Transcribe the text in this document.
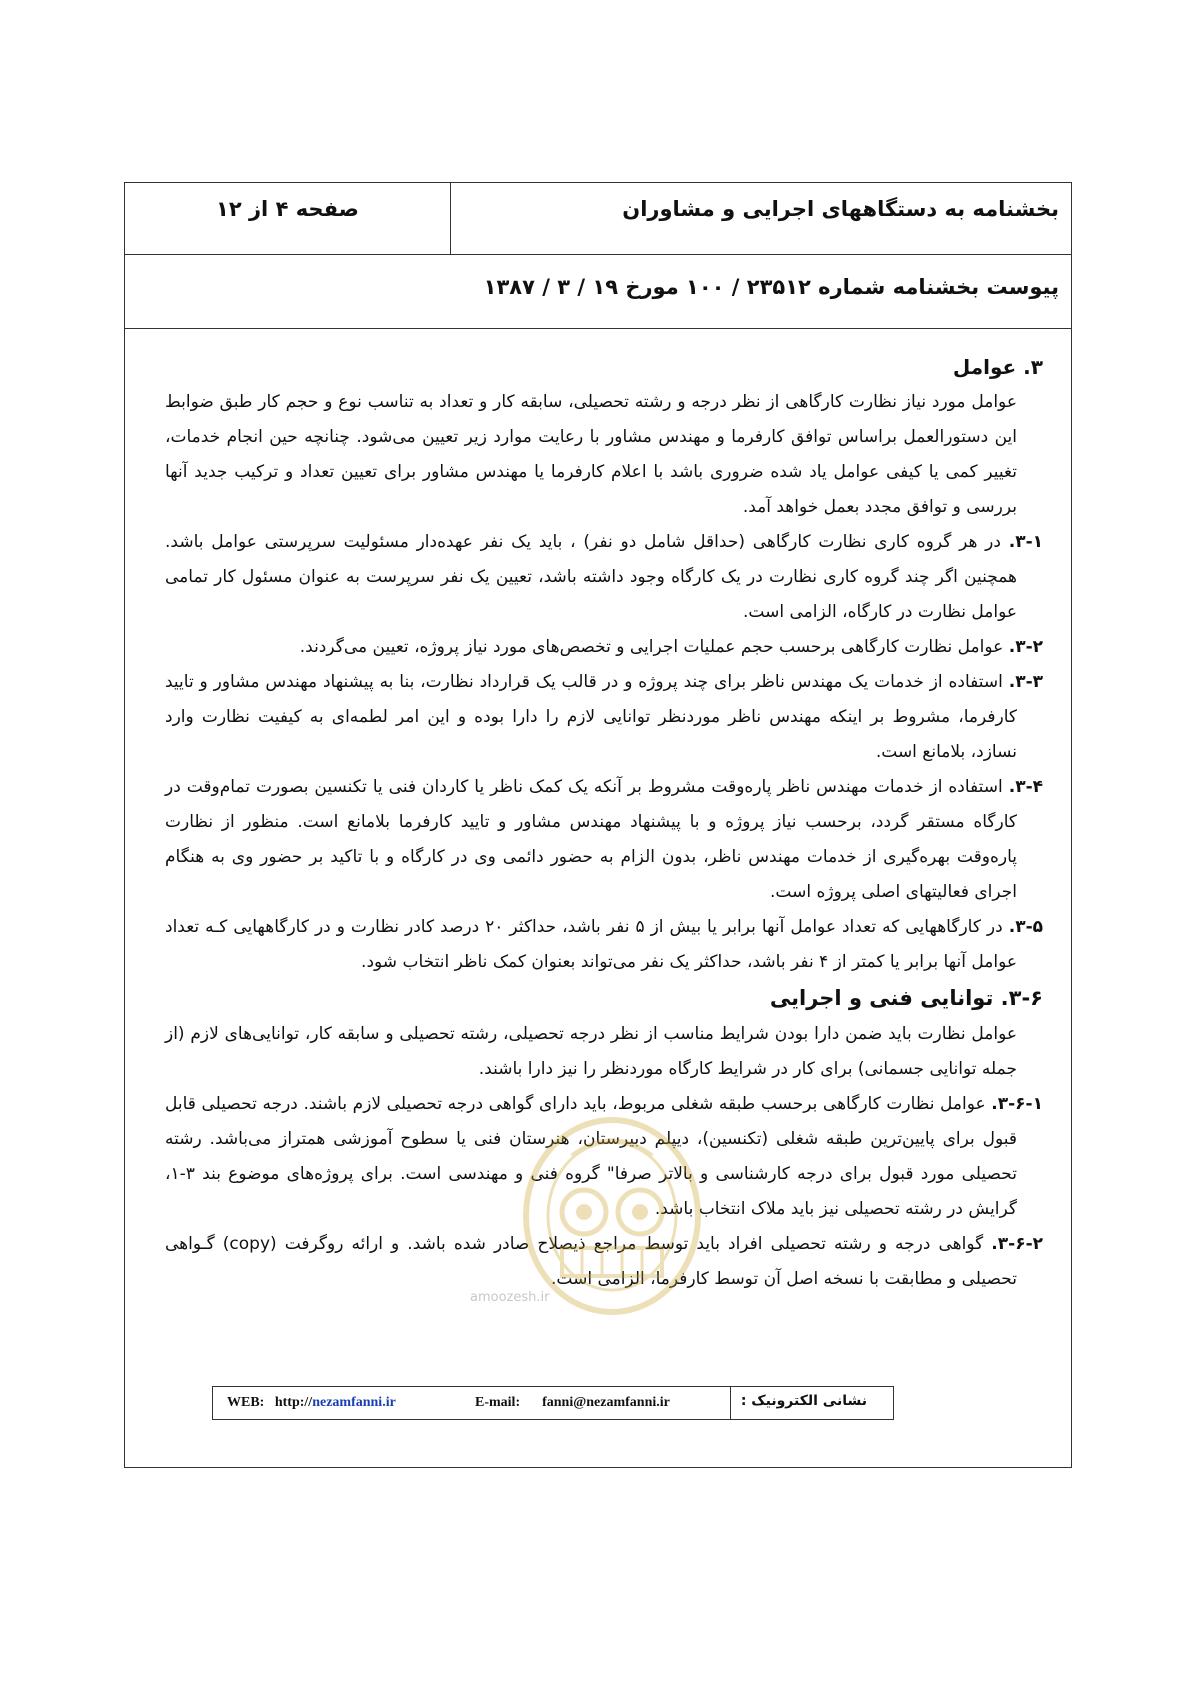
صفحه ۴ از ۱۲	بخشنامه به دستگاههای اجرایی و مشاوران
پیوست بخشنامه شماره ۲۳۵۱۲ / ۱۰۰ مورخ ۱۹ / ۳ / ۱۳۸۷

۳. عوامل

عوامل مورد نیاز نظارت کارگاهی از نظر درجه و رشته تحصیلی، سابقه کار و تعداد به تناسب نوع و حجم کار طبق ضوابط این دستورالعمل براساس توافق کارفرما و مهندس مشاور با رعایت موارد زیر تعیین می‌شود. چنانچه حین انجام خدمات، تغییر کمی یا کیفی عوامل یاد شده ضروری باشد با اعلام کارفرما یا مهندس مشاور برای تعیین تعداد و ترکیب جدید آنها بررسی و توافق مجدد بعمل خواهد آمد.

۳-۱. در هر گروه کاری نظارت کارگاهی (حداقل شامل دو نفر) ، باید یک نفر عهده‌دار مسئولیت سرپرستی عوامل باشد. همچنین اگر چند گروه کاری نظارت در یک کارگاه وجود داشته باشد، تعیین یک نفر سرپرست به عنوان مسئول کار تمامی عوامل نظارت در کارگاه، الزامی است.

۳-۲. عوامل نظارت کارگاهی برحسب حجم عملیات اجرایی و تخصص‌های مورد نیاز پروژه، تعیین می‌گردند.

۳-۳. استفاده از خدمات یک مهندس ناظر برای چند پروژه و در قالب یک قرارداد نظارت، بنا به پیشنهاد مهندس مشاور و تایید کارفرما، مشروط بر اینکه مهندس ناظر موردنظر توانایی لازم را دارا بوده و این امر لطمه‌ای به کیفیت نظارت وارد نسازد، بلامانع است.

۳-۴. استفاده از خدمات مهندس ناظر پاره‌وقت مشروط بر آنکه یک کمک ناظر یا کاردان فنی یا تکنسین بصورت تمام‌وقت در کارگاه مستقر گردد، برحسب نیاز پروژه و با پیشنهاد مهندس مشاور و تایید کارفرما بلامانع است. منظور از نظارت پاره‌وقت بهره‌گیری از خدمات مهندس ناظر، بدون الزام به حضور دائمی وی در کارگاه و با تاکید بر حضور وی به هنگام اجرای فعالیتهای اصلی پروژه است.

۳-۵. در کارگاههایی که تعداد عوامل آنها برابر یا بیش از ۵ نفر باشد، حداکثر ۲۰ درصد کادر نظارت و در کارگاههایی کـه تعداد عوامل آنها برابر یا کمتر از ۴ نفر باشد، حداکثر یک نفر می‌تواند بعنوان کمک ناظر انتخاب شود.

۳-۶. توانایی فنی و اجرایی

عوامل نظارت باید ضمن دارا بودن شرایط مناسب از نظر درجه تحصیلی، رشته تحصیلی و سابقه کار، توانایی‌های لازم (از جمله توانایی جسمانی) برای کار در شرایط کارگاه موردنظر را نیز دارا باشند.

۳-۶-۱. عوامل نظارت کارگاهی برحسب طبقه شغلی مربوط، باید دارای گواهی درجه تحصیلی لازم باشند. درجه تحصیلی قابل قبول برای پایین‌ترین طبقه شغلی (تکنسین)، دیپلم دبیرستان، هنرستان فنی یا سطوح آموزشی همتراز می‌باشد. رشته تحصیلی مورد قبول برای درجه کارشناسی و بالاتر صرفا" گروه فنی و مهندسی است. برای پروژه‌های موضوع بند ۳-۱، گرایش در رشته تحصیلی نیز باید ملاک انتخاب باشد.

۳-۶-۲. گواهی درجه و رشته تحصیلی افراد باید توسط مراجع ذیصلاح صادر شده باشد. و ارائه روگرفت (copy) گـواهی تحصیلی و مطابقت با نسخه اصل آن توسط کارفرما، الزامی است.

amoozesh.ir
WEB: http://nezamfanni.ir	E-mail: fanni@nezamfanni.ir	نشانی الکترونیک :
